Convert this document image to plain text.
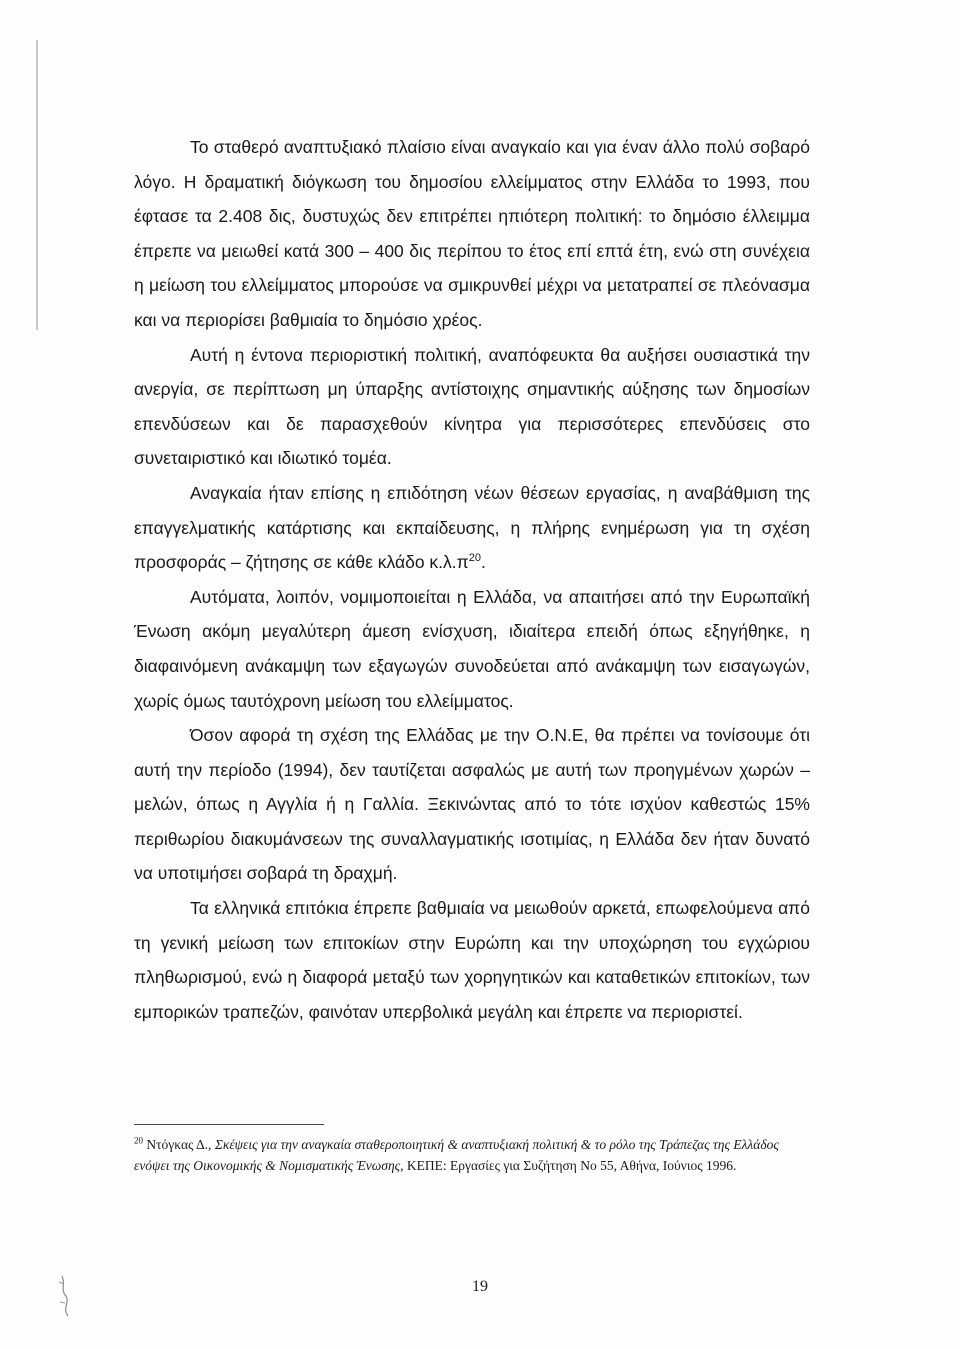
Το σταθερό αναπτυξιακό πλαίσιο είναι αναγκαίο και για έναν άλλο πολύ σοβαρό λόγο. Η δραματική διόγκωση του δημοσίου ελλείμματος στην Ελλάδα το 1993, που έφτασε τα 2.408 δις, δυστυχώς δεν επιτρέπει ηπιότερη πολιτική: το δημόσιο έλλειμμα έπρεπε να μειωθεί κατά 300 – 400 δις περίπου το έτος επί επτά έτη, ενώ στη συνέχεια η μείωση του ελλείμματος μπορούσε να σμικρυνθεί μέχρι να μετατραπεί σε πλεόνασμα και να περιορίσει βαθμιαία το δημόσιο χρέος.

Αυτή η έντονα περιοριστική πολιτική, αναπόφευκτα θα αυξήσει ουσιαστικά την ανεργία, σε περίπτωση μη ύπαρξης αντίστοιχης σημαντικής αύξησης των δημοσίων επενδύσεων και δε παρασχεθούν κίνητρα για περισσότερες επενδύσεις στο συνεταιριστικό και ιδιωτικό τομέα.

Αναγκαία ήταν επίσης η επιδότηση νέων θέσεων εργασίας, η αναβάθμιση της επαγγελματικής κατάρτισης και εκπαίδευσης, η πλήρης ενημέρωση για τη σχέση προσφοράς – ζήτησης σε κάθε κλάδο κ.λ.π$^{20}$.

Αυτόματα, λοιπόν, νομιμοποιείται η Ελλάδα, να απαιτήσει από την Ευρωπαϊκή Ένωση ακόμη μεγαλύτερη άμεση ενίσχυση, ιδιαίτερα επειδή όπως εξηγήθηκε, η διαφαινόμενη ανάκαμψη των εξαγωγών συνοδεύεται από ανάκαμψη των εισαγωγών, χωρίς όμως ταυτόχρονη μείωση του ελλείμματος.

Όσον αφορά τη σχέση της Ελλάδας με την Ο.Ν.Ε, θα πρέπει να τονίσουμε ότι αυτή την περίοδο (1994), δεν ταυτίζεται ασφαλώς με αυτή των προηγμένων χωρών – μελών, όπως η Αγγλία ή η Γαλλία. Ξεκινώντας από το τότε ισχύον καθεστώς 15% περιθωρίου διακυμάνσεων της συναλλαγματικής ισοτιμίας, η Ελλάδα δεν ήταν δυνατό να υποτιμήσει σοβαρά τη δραχμή.

Τα ελληνικά επιτόκια έπρεπε βαθμιαία να μειωθούν αρκετά, επωφελούμενα από τη γενική μείωση των επιτοκίων στην Ευρώπη και την υποχώρηση του εγχώριου πληθωρισμού, ενώ η διαφορά μεταξύ των χορηγητικών και καταθετικών επιτοκίων, των εμπορικών τραπεζών, φαινόταν υπερβολικά μεγάλη και έπρεπε να περιοριστεί.

$^{20}$ Ντόγκας Δ., Σκέψεις για την αναγκαία σταθεροποιητική & αναπτυξιακή πολιτική & το ρόλο της Τράπεζας της Ελλάδος ενόψει της Οικονομικής & Νομισματικής Ένωσης, ΚΕΠΕ: Εργασίες για Συζήτηση Νο 55, Αθήνα, Ιούνιος 1996.
19
